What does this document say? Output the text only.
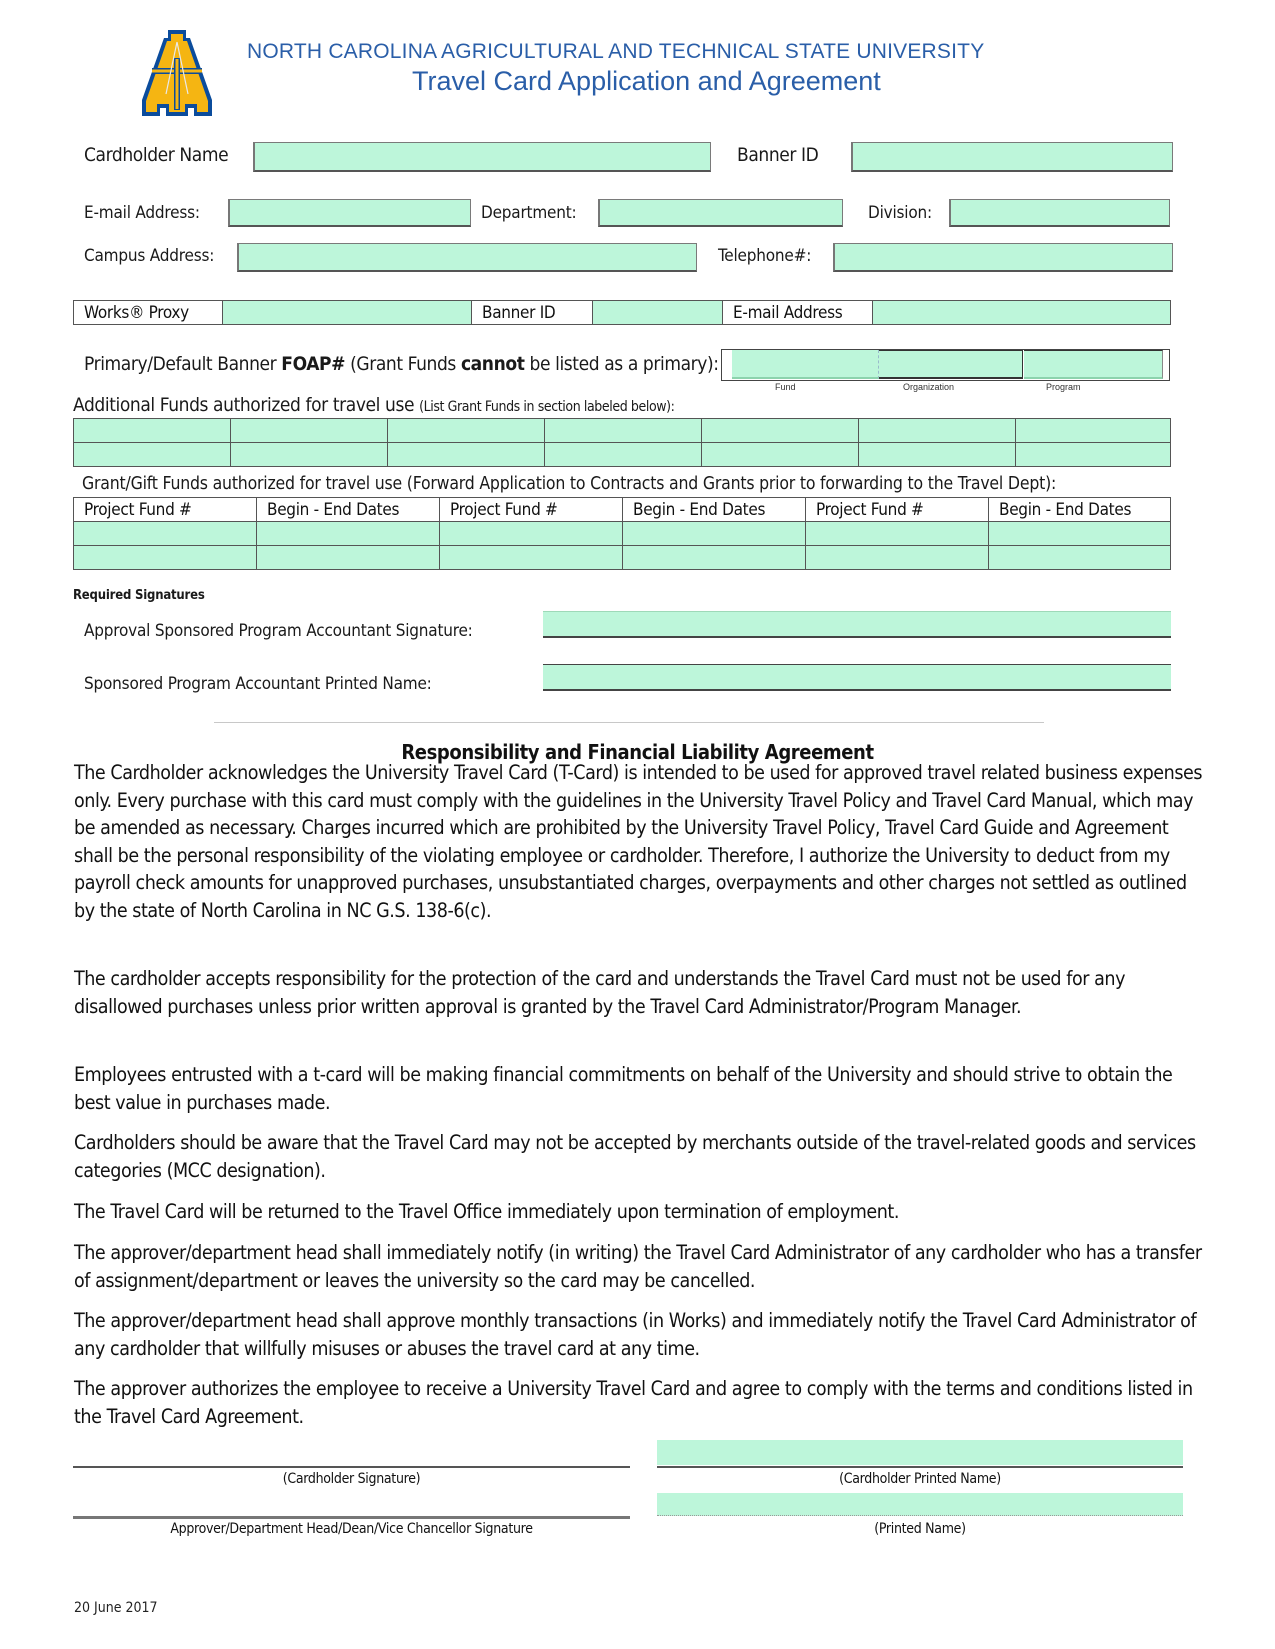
NORTH CAROLINA AGRICULTURAL AND TECHNICAL STATE UNIVERSITY
Travel Card Application and Agreement
Cardholder Name	Banner ID
E-mail Address:	Department:	Division:
Campus Address:	Telephone#:
Works® Proxy		Banner ID		E-mail Address	
Primary/Default Banner FOAP# (Grant Funds cannot be listed as a primary):
Fund	Organization	Program
Additional Funds authorized for travel use (List Grant Funds in section labeled below):

Grant/Gift Funds authorized for travel use (Forward Application to Contracts and Grants prior to forwarding to the Travel Dept):
Project Fund #	Begin - End Dates	Project Fund #	Begin - End Dates	Project Fund #	Begin - End Dates

Required Signatures
Approval Sponsored Program Accountant Signature:
Sponsored Program Accountant Printed Name:
Responsibility and Financial Liability Agreement
The Cardholder acknowledges the University Travel Card (T-Card) is intended to be used for approved travel related business expenses only. Every purchase with this card must comply with the guidelines in the University Travel Policy and Travel Card Manual, which may be amended as necessary. Charges incurred which are prohibited by the University Travel Policy, Travel Card Guide and Agreement shall be the personal responsibility of the violating employee or cardholder. Therefore, I authorize the University to deduct from my payroll check amounts for unapproved purchases, unsubstantiated charges, overpayments and other charges not settled as outlined by the state of North Carolina in NC G.S. 138-6(c).
The cardholder accepts responsibility for the protection of the card and understands the Travel Card must not be used for any disallowed purchases unless prior written approval is granted by the Travel Card Administrator/Program Manager.
Employees entrusted with a t-card will be making financial commitments on behalf of the University and should strive to obtain the best value in purchases made.
Cardholders should be aware that the Travel Card may not be accepted by merchants outside of the travel-related goods and services categories (MCC designation).
The Travel Card will be returned to the Travel Office immediately upon termination of employment.
The approver/department head shall immediately notify (in writing) the Travel Card Administrator of any cardholder who has a transfer of assignment/department or leaves the university so the card may be cancelled.
The approver/department head shall approve monthly transactions (in Works) and immediately notify the Travel Card Administrator of any cardholder that willfully misuses or abuses the travel card at any time.
The approver authorizes the employee to receive a University Travel Card and agree to comply with the terms and conditions listed in the Travel Card Agreement.
(Cardholder Signature)	(Cardholder Printed Name)
Approver/Department Head/Dean/Vice Chancellor Signature	(Printed Name)
20 June 2017
